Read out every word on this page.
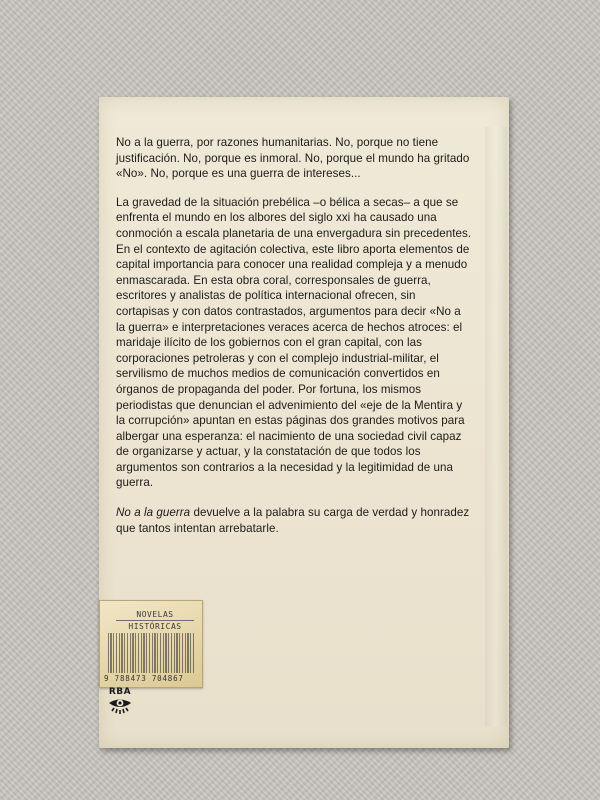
No a la guerra, por razones humanitarias. No, porque no tiene justificación. No, porque es inmoral. No, porque el mundo ha gritado «No». No, porque es una guerra de intereses...

La gravedad de la situación prebélica –o bélica a secas– a que se enfrenta el mundo en los albores del siglo xxi ha causado una conmoción a escala planetaria de una envergadura sin precedentes. En el contexto de agitación colectiva, este libro aporta elementos de capital importancia para conocer una realidad compleja y a menudo enmascarada. En esta obra coral, corresponsales de guerra, escritores y analistas de política internacional ofrecen, sin cortapisas y con datos contrastados, argumentos para decir «No a la guerra» e interpretaciones veraces acerca de hechos atroces: el maridaje ilícito de los gobiernos con el gran capital, con las corporaciones petroleras y con el complejo industrial-militar, el servilismo de muchos medios de comunicación convertidos en órganos de propaganda del poder. Por fortuna, los mismos periodistas que denuncian el advenimiento del «eje de la Mentira y la corrupción» apuntan en estas páginas dos grandes motivos para albergar una esperanza: el nacimiento de una sociedad civil capaz de organizarse y actuar, y la constatación de que todos los argumentos son contrarios a la necesidad y la legitimidad de una guerra.

No a la guerra devuelve a la palabra su carga de verdad y honradez que tantos intentan arrebatarle.

NOVELAS
HISTÓRICAS
9 788473 704867
RBA
